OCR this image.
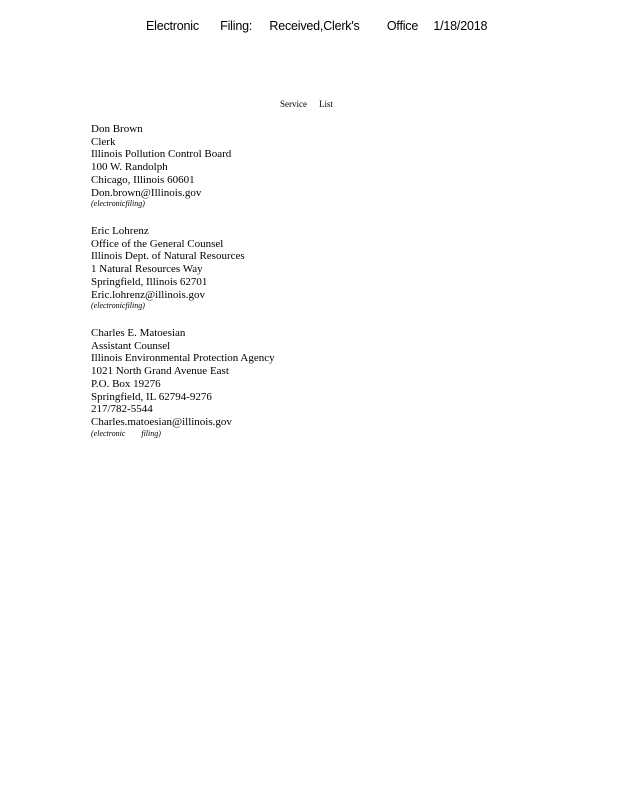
Electronic Filing: Received,Clerk's Office 1/18/2018
Service List
Don Brown
Clerk
Illinois Pollution Control Board
100 W. Randolph
Chicago, Illinois 60601
Don.brown@Illinois.gov
(electronicfiling)
Eric Lohrenz
Office of the General Counsel
Illinois Dept. of Natural Resources
1 Natural Resources Way
Springfield, Illinois 62701
Eric.lohrenz@illinois.gov
(electronicfiling)
Charles E. Matoesian
Assistant Counsel
Illinois Environmental Protection Agency
1021 North Grand Avenue East
P.O. Box 19276
Springfield, IL 62794-9276
217/782-5544
Charles.matoesian@illinois.gov
(electronic filing)
